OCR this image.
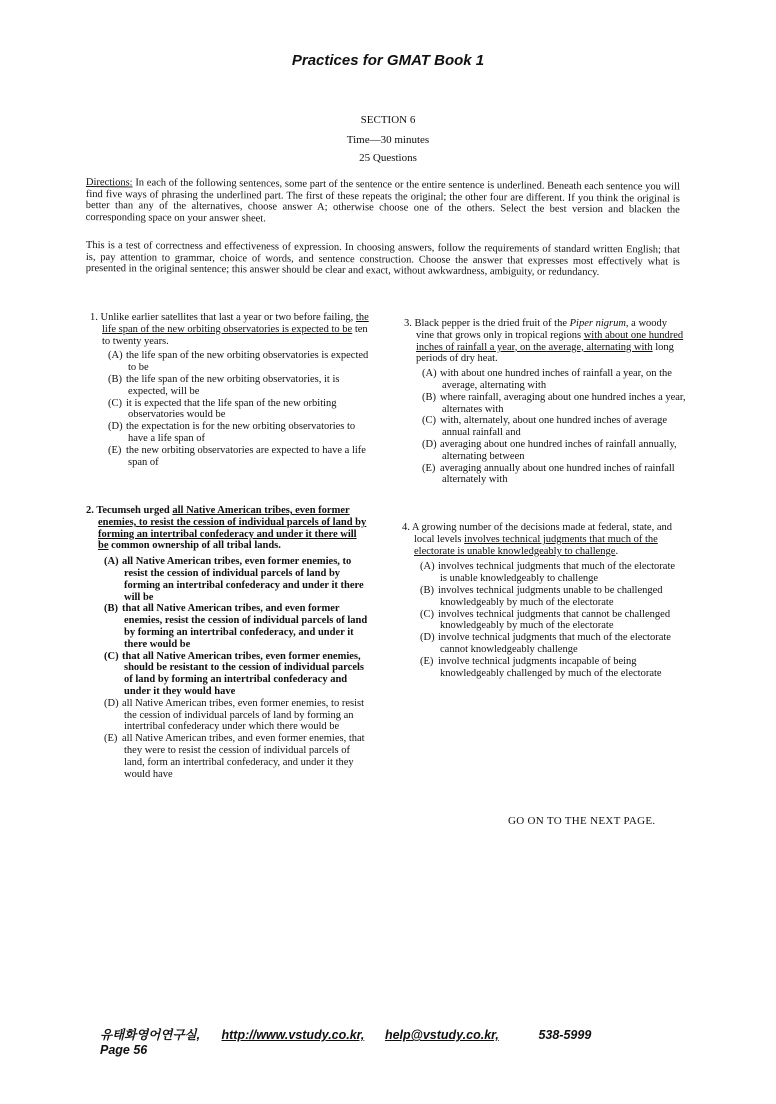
Practices for GMAT Book 1
SECTION 6
Time—30 minutes
25 Questions
Directions: In each of the following sentences, some part of the sentence or the entire sentence is underlined. Beneath each sentence you will find five ways of phrasing the underlined part. The first of these repeats the original; the other four are different. If you think the original is better than any of the alternatives, choose answer A; otherwise choose one of the others. Select the best version and blacken the corresponding space on your answer sheet.
This is a test of correctness and effectiveness of expression. In choosing answers, follow the requirements of standard written English; that is, pay attention to grammar, choice of words, and sentence construction. Choose the answer that expresses most effectively what is presented in the original sentence; this answer should be clear and exact, without awkwardness, ambiguity, or redundancy.
1. Unlike earlier satellites that last a year or two before failing, the life span of the new orbiting observatories is expected to be ten to twenty years.
(A) the life span of the new orbiting observatories is expected to be
(B) the life span of the new orbiting observatories, it is expected, will be
(C) it is expected that the life span of the new orbiting observatories would be
(D) the expectation is for the new orbiting observatories to have a life span of
(E) the new orbiting observatories are expected to have a life span of
2. Tecumseh urged all Native American tribes, even former enemies, to resist the cession of individual parcels of land by forming an intertribal confederacy and under it there will be common ownership of all tribal lands.
(A) all Native American tribes, even former enemies, to resist the cession of individual parcels of land by forming an intertribal confederacy and under it there will be
(B) that all Native American tribes, and even former enemies, resist the cession of individual parcels of land by forming an intertribal confederacy, and under it there would be
(C) that all Native American tribes, even former enemies, should be resistant to the cession of individual parcels of land by forming an intertribal confederacy and under it they would have
(D) all Native American tribes, even former enemies, to resist the cession of individual parcels of land by forming an intertribal confederacy under which there would be
(E) all Native American tribes, and even former enemies, that they were to resist the cession of individual parcels of land, form an intertribal confederacy, and under it they would have
3. Black pepper is the dried fruit of the Piper nigrum, a woody vine that grows only in tropical regions with about one hundred inches of rainfall a year, on the average, alternating with long periods of dry heat.
(A) with about one hundred inches of rainfall a year, on the average, alternating with
(B) where rainfall, averaging about one hundred inches a year, alternates with
(C) with, alternately, about one hundred inches of average annual rainfall and
(D) averaging about one hundred inches of rainfall annually, alternating between
(E) averaging annually about one hundred inches of rainfall alternately with
4. A growing number of the decisions made at federal, state, and local levels involves technical judgments that much of the electorate is unable knowledgeably to challenge.
(A) involves technical judgments that much of the electorate is unable knowledgeably to challenge
(B) involves technical judgments unable to be challenged knowledgeably by much of the electorate
(C) involves technical judgments that cannot be challenged knowledgeably by much of the electorate
(D) involve technical judgments that much of the electorate cannot knowledgeably challenge
(E) involve technical judgments incapable of being knowledgeably challenged by much of the electorate
GO ON TO THE NEXT PAGE.
유태화영어연구실, http://www.vstudy.co.kr, help@vstudy.co.kr,	538-5999 Page 56
